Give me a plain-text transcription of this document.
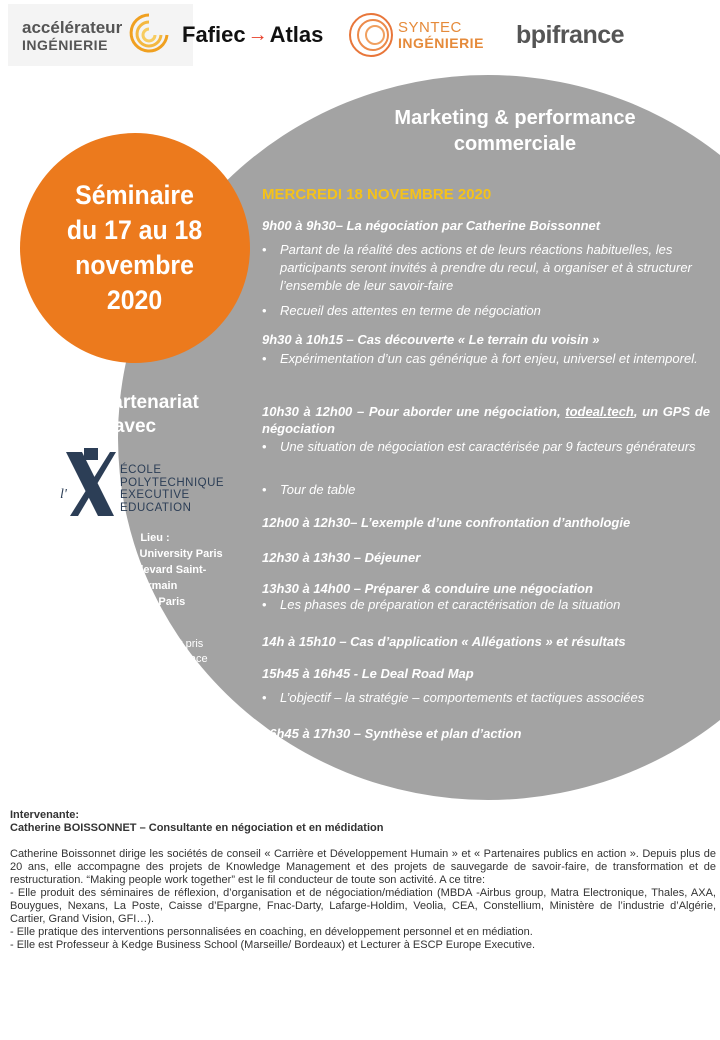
accélérateur
INGÉNIERIE	Fafiec → Atlas	SYNTEC
INGÉNIERIE bpifrance
Séminaire
du 17 au 18
novembre
2020
En partenariat
avec
l'
ÉCOLE
POLYTECHNIQUE
EXECUTIVE
EDUCATION
Lieu :
New York University Paris
57 Boulevard Saint-
Germain
75005 Paris
Le déjeuner est pris
en commun sur place
Marketing & performance
commerciale
MERCREDI 18 NOVEMBRE 2020
9h00 à 9h30– La négociation par Catherine Boissonnet
• Partant de la réalité des actions et de leurs réactions habituelles, les participants seront invités à prendre du recul, à organiser et à structurer l’ensemble de leur savoir-faire
• Recueil des attentes en terme de négociation
9h30 à 10h15 – Cas découverte « Le terrain du voisin »
• Expérimentation d’un cas générique à fort enjeu, universel et intemporel.
10h30 à 12h00 – Pour aborder une négociation, todeal.tech, un GPS de négociation
• Une situation de négociation est caractérisée par 9 facteurs générateurs
• Tour de table
12h00 à 12h30– L’exemple d’une confrontation d’anthologie
12h30 à 13h30 – Déjeuner
13h30 à 14h00 – Préparer & conduire une négociation
• Les phases de préparation et caractérisation de la situation
14h à 15h10 – Cas d’application « Allégations » et résultats
15h45 à 16h45 - Le Deal Road Map
• L’objectif – la stratégie – comportements et tactiques associées
16h45 à 17h30 – Synthèse et plan d’action

Intervenante:

Catherine BOISSONNET – Consultante en négociation et en médidation

Catherine Boissonnet dirige les sociétés de conseil « Carrière et Développement Humain » et « Partenaires publics en action ». Depuis plus de 20 ans, elle accompagne des projets de Knowledge Management et des projets de sauvegarde de savoir-faire, de transformation et de restructuration. “Making people work together” est le fil conducteur de toute son activité. A ce titre:

- Elle produit des séminaires de réflexion, d’organisation et de négociation/médiation (MBDA -Airbus group, Matra Electronique, Thales, AXA, Bouygues, Nexans, La Poste, Caisse d’Epargne, Fnac-Darty, Lafarge-Holdim, Veolia, CEA, Constellium, Ministère de l’industrie d’Algérie, Cartier, Grand Vision, GFI…).

- Elle pratique des interventions personnalisées en coaching, en développement personnel et en médiation.

- Elle est Professeur à Kedge Business School (Marseille/ Bordeaux) et Lecturer à ESCP Europe Executive.
